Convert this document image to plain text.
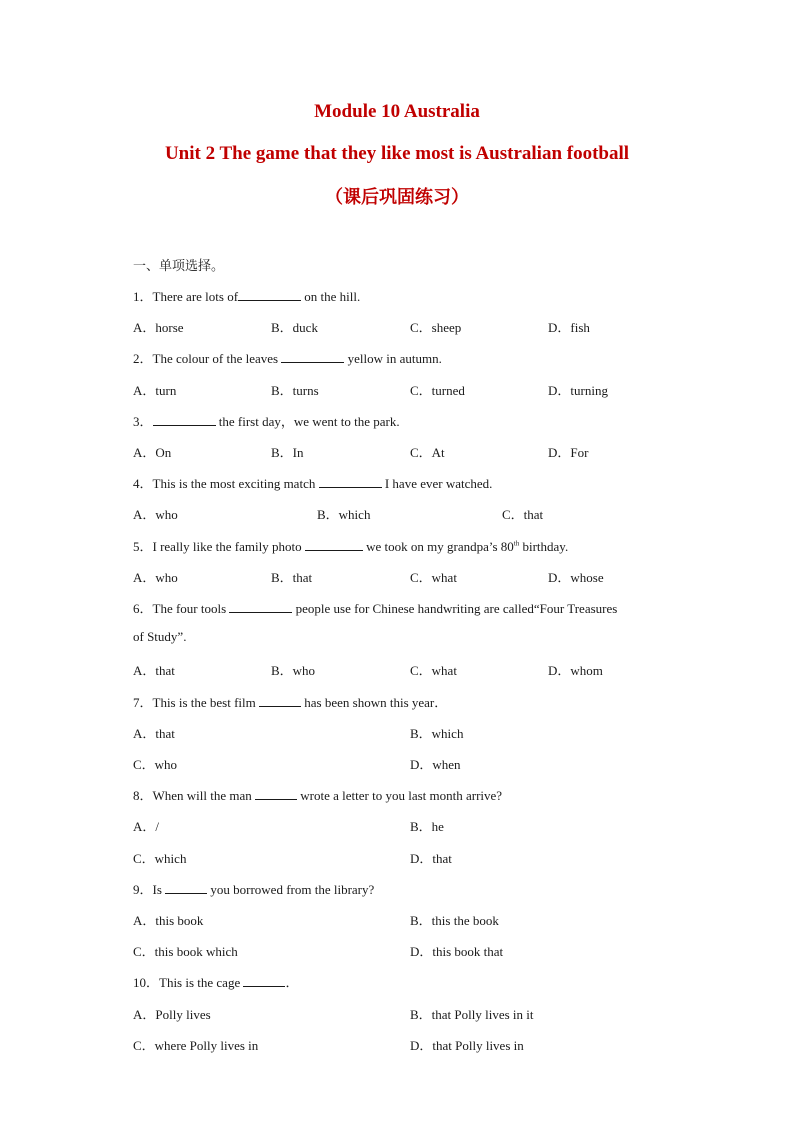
Module 10 Australia
Unit 2 The game that they like most is Australian football
（课后巩固练习）
一、单项选择。
1．There are lots of	on the hill.
A．horse	B．duck	C．sheep	D．fish
2．The colour of the leaves	yellow in autumn.
A．turn	B．turns	C．turned	D．turning
3．	the first day，we went to the park.
A．On	B．In	C．At	D．For
4．This is the most exciting match	I have ever watched.
A．who	B．which	C．that
5．I really like the family photo	we took on my grandpa’s 80th birthday.
A．who	B．that	C．what	D．whose
6．The four tools	people use for Chinese handwriting are called“Four Treasures
of Study”.
A．that	B．who	C．what	D．whom
7．This is the best film	has been shown this year．
A．that	B．which
C．who	D．when
8．When will the man	wrote a letter to you last month arrive?
A．/	B．he
C．which	D．that
9．Is	you borrowed from the library?
A．this book	B．this the book
C．this book which	D．this book that
10．This is the cage	．
A．Polly lives	B．that Polly lives in it
C．where Polly lives in	D．that Polly lives in
